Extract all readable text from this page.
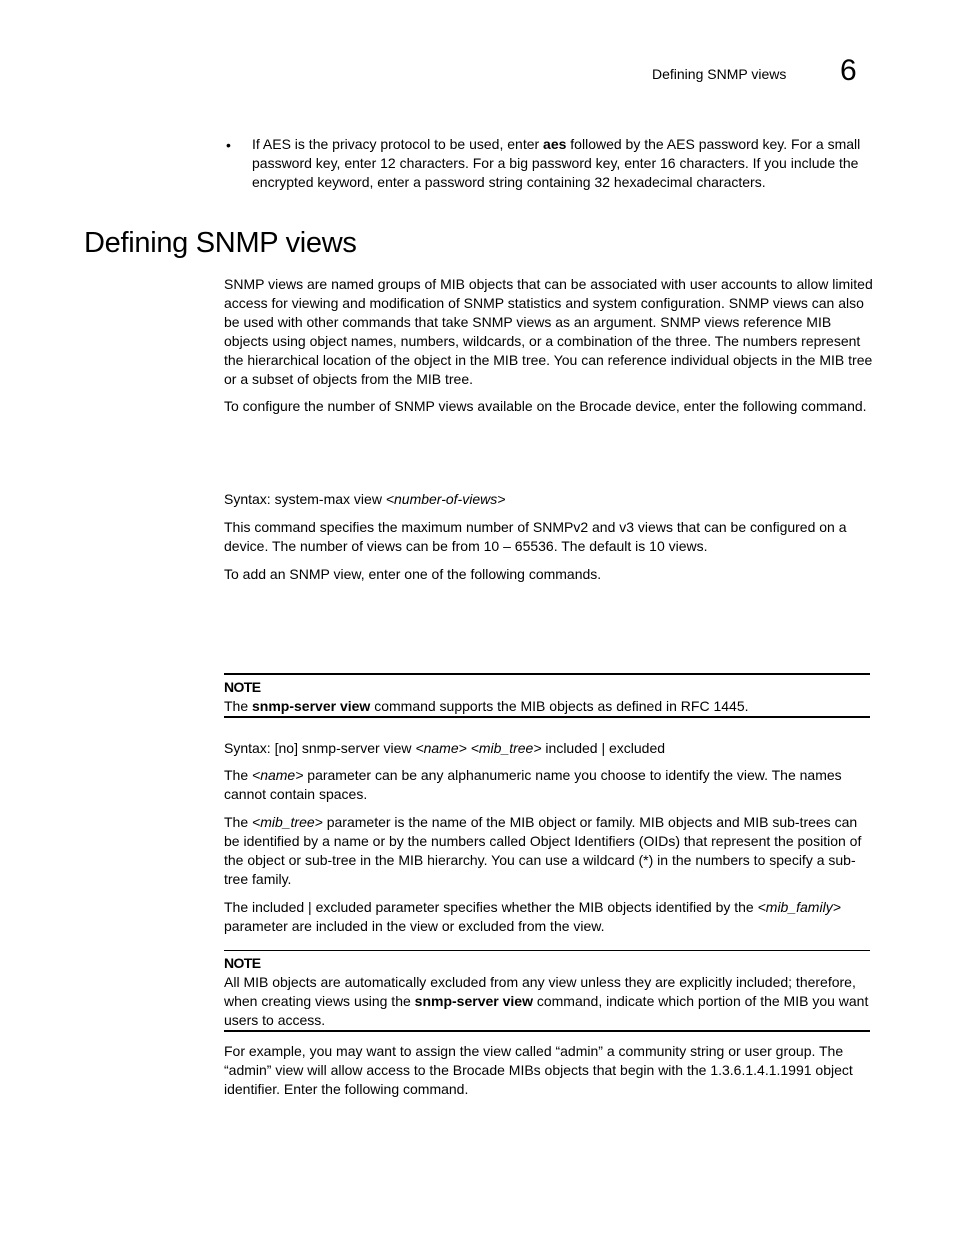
Defining SNMP views 6
• If AES is the privacy protocol to be used, enter aes followed by the AES password key. For a small password key, enter 12 characters. For a big password key, enter 16 characters. If you include the encrypted keyword, enter a password string containing 32 hexadecimal characters.
Defining SNMP views

SNMP views are named groups of MIB objects that can be associated with user accounts to allow limited access for viewing and modification of SNMP statistics and system configuration. SNMP views can also be used with other commands that take SNMP views as an argument. SNMP views reference MIB objects using object names, numbers, wildcards, or a combination of the three. The numbers represent the hierarchical location of the object in the MIB tree. You can reference individual objects in the MIB tree or a subset of objects from the MIB tree.

To configure the number of SNMP views available on the Brocade device, enter the following command.

Syntax: system-max view <number-of-views>

This command specifies the maximum number of SNMPv2 and v3 views that can be configured on a device. The number of views can be from 10 – 65536. The default is 10 views.

To add an SNMP view, enter one of the following commands.

NOTE
The snmp-server view command supports the MIB objects as defined in RFC 1445.
Syntax: [no] snmp-server view <name> <mib_tree> included | excluded

The <name> parameter can be any alphanumeric name you choose to identify the view. The names cannot contain spaces.

The <mib_tree> parameter is the name of the MIB object or family. MIB objects and MIB sub-trees can be identified by a name or by the numbers called Object Identifiers (OIDs) that represent the position of the object or sub-tree in the MIB hierarchy. You can use a wildcard (*) in the numbers to specify a sub-tree family.

The included | excluded parameter specifies whether the MIB objects identified by the <mib_family> parameter are included in the view or excluded from the view.

NOTE
All MIB objects are automatically excluded from any view unless they are explicitly included; therefore, when creating views using the snmp-server view command, indicate which portion of the MIB you want users to access.

For example, you may want to assign the view called “admin” a community string or user group. The “admin” view will allow access to the Brocade MIBs objects that begin with the 1.3.6.1.4.1.1991 object identifier. Enter the following command.
